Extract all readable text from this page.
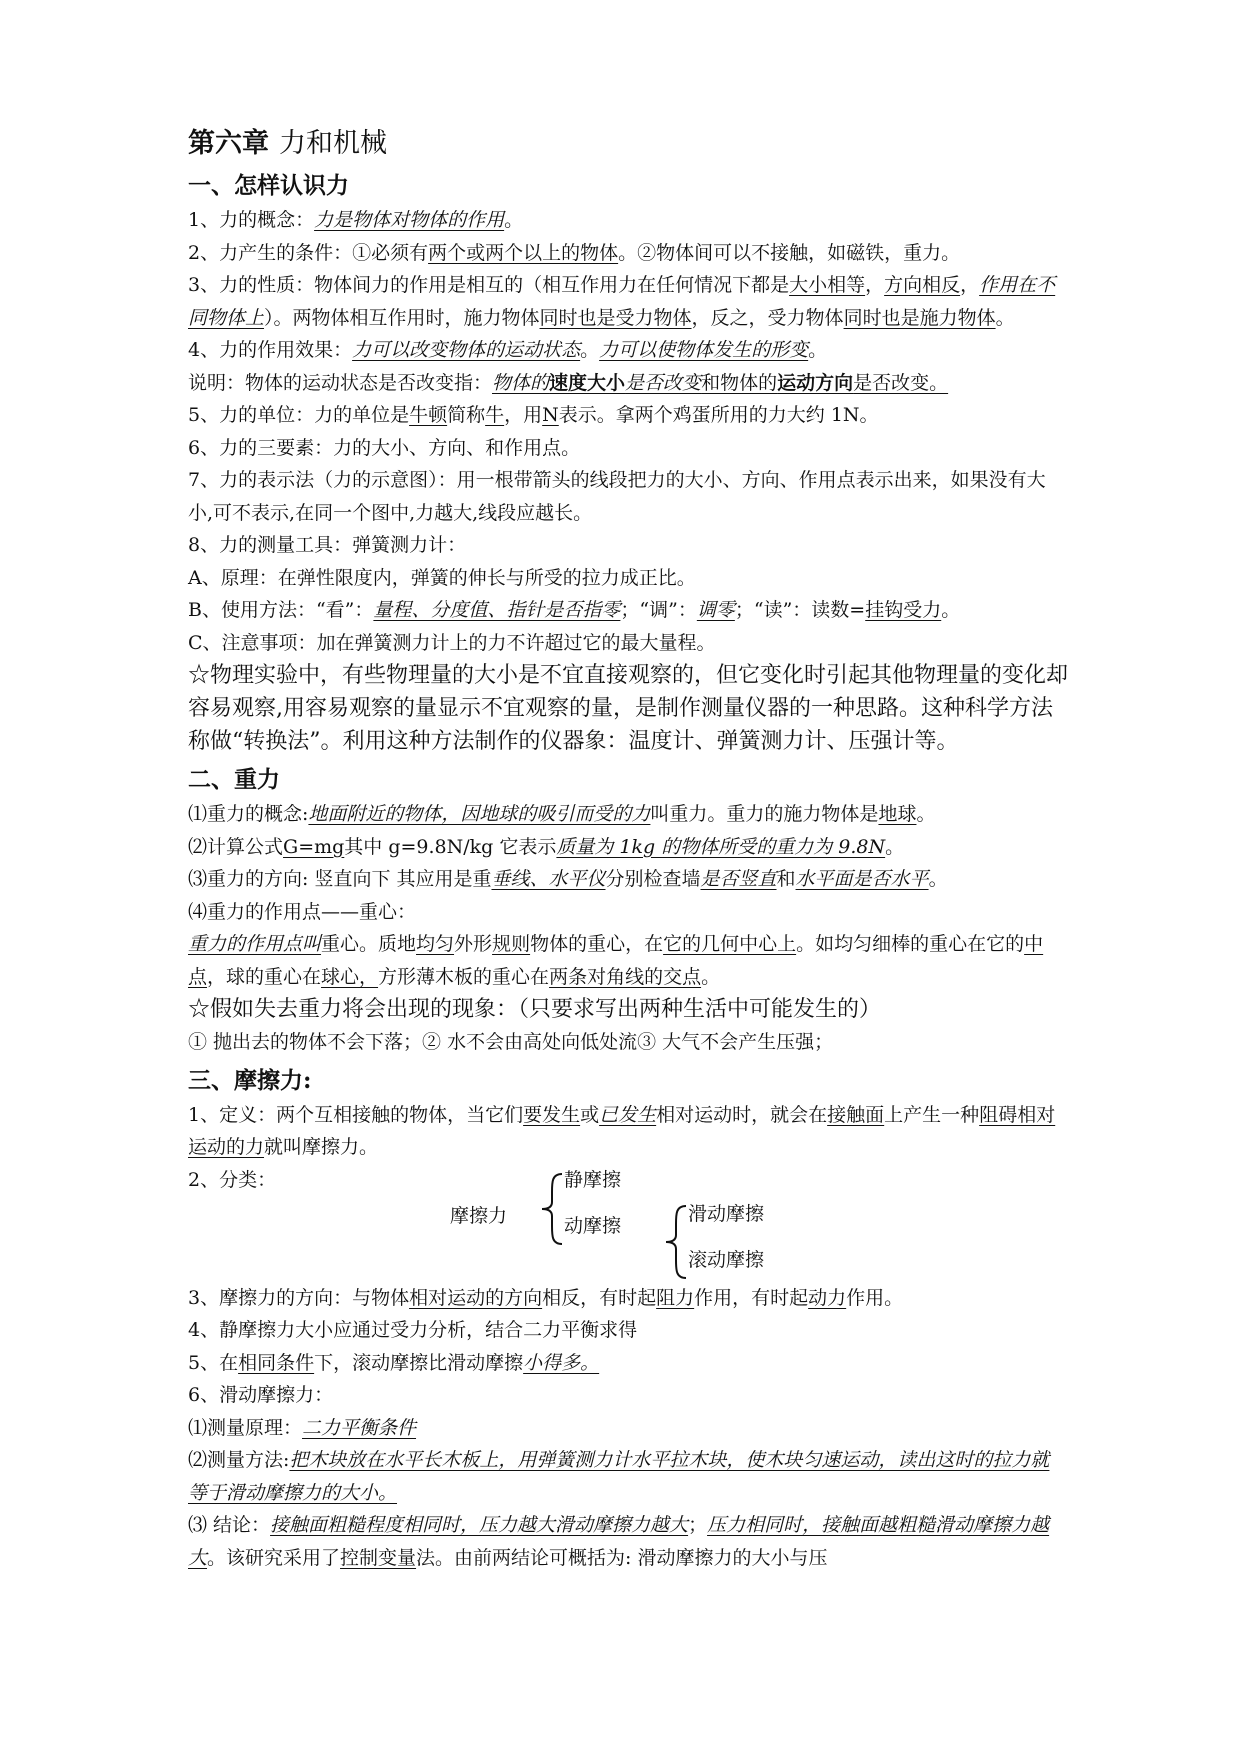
第六章 力和机械
一、怎样认识力
1、力的概念：力是物体对物体的作用。
2、力产生的条件：①必须有两个或两个以上的物体。②物体间可以不接触，如磁铁，重力。
3、力的性质：物体间力的作用是相互的（相互作用力在任何情况下都是大小相等，方向相反，作用在不同物体上）。两物体相互作用时，施力物体同时也是受力物体，反之，受力物体同时也是施力物体。
4、力的作用效果：力可以改变物体的运动状态。力可以使物体发生的形变。
说明：物体的运动状态是否改变指：物体的速度大小是否改变和物体的运动方向是否改变。
5、力的单位：力的单位是牛顿简称牛，用N表示。拿两个鸡蛋所用的力大约 1N。
6、力的三要素：力的大小、方向、和作用点。
7、力的表示法（力的示意图）：用一根带箭头的线段把力的大小、方向、作用点表示出来，如果没有大小,可不表示,在同一个图中,力越大,线段应越长。
8、力的测量工具：弹簧测力计：
A、原理：在弹性限度内，弹簧的伸长与所受的拉力成正比。
B、使用方法：“看”：量程、分度值、指针是否指零；“调”：调零；“读”：读数=挂钩受力。
C、注意事项：加在弹簧测力计上的力不许超过它的最大量程。
☆物理实验中，有些物理量的大小是不宜直接观察的，但它变化时引起其他物理量的变化却容易观察,用容易观察的量显示不宜观察的量，是制作测量仪器的一种思路。这种科学方法称做“转换法”。利用这种方法制作的仪器象：温度计、弹簧测力计、压强计等。
二、重力
⑴重力的概念:地面附近的物体，因地球的吸引而受的力叫重力。重力的施力物体是地球。
⑵计算公式G=mg其中 g=9.8N/kg 它表示质量为 1kg 的物体所受的重力为 9.8N。
⑶重力的方向: 竖直向下 其应用是重垂线、水平仪分别检查墙是否竖直和水平面是否水平。
⑷重力的作用点——重心：
重力的作用点叫重心。质地均匀外形规则物体的重心，在它的几何中心上。如均匀细棒的重心在它的中点，球的重心在球心，方形薄木板的重心在两条对角线的交点。
☆假如失去重力将会出现的现象：（只要求写出两种生活中可能发生的）
① 抛出去的物体不会下落；② 水不会由高处向低处流③ 大气不会产生压强；
三、摩擦力:
1、定义：两个互相接触的物体，当它们要发生或已发生相对运动时，就会在接触面上产生一种阻碍相对运动的力就叫摩擦力。
2、分类：
摩擦力
静摩擦
动摩擦
滑动摩擦
滚动摩擦
3、摩擦力的方向：与物体相对运动的方向相反，有时起阻力作用，有时起动力作用。
4、静摩擦力大小应通过受力分析，结合二力平衡求得
5、在相同条件下，滚动摩擦比滑动摩擦小得多。
6、滑动摩擦力：
⑴测量原理：二力平衡条件
⑵测量方法:把木块放在水平长木板上，用弹簧测力计水平拉木块，使木块匀速运动，读出这时的拉力就等于滑动摩擦力的大小。
⑶ 结论：接触面粗糙程度相同时，压力越大滑动摩擦力越大；压力相同时，接触面越粗糙滑动摩擦力越大。该研究采用了控制变量法。由前两结论可概括为: 滑动摩擦力的大小与压
